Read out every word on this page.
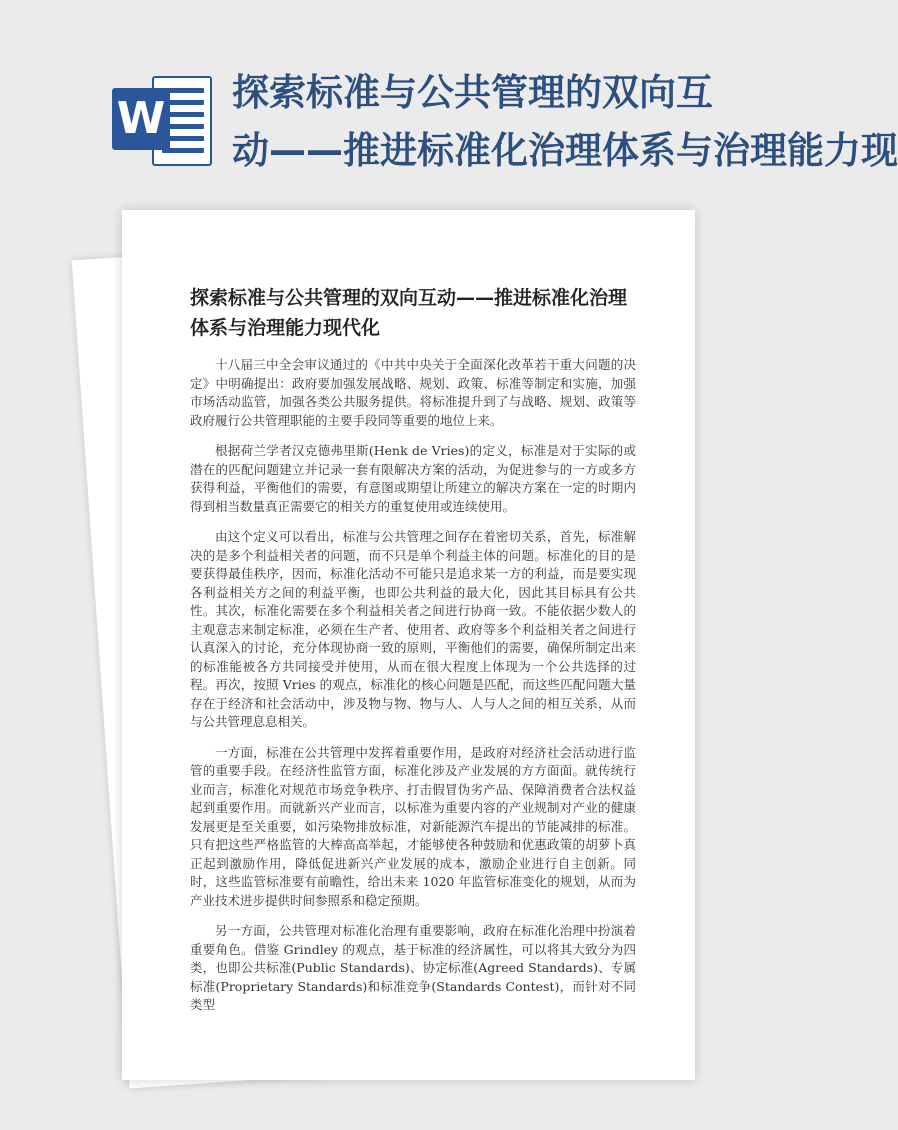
W
探索标准与公共管理的双向互
动——推进标准化治理体系与治理能力现
探索标准与公共管理的双向互动——推进标准化治理体系与治理能力现代化

十八届三中全会审议通过的《中共中央关于全面深化改革若干重大问题的决定》中明确提出：政府要加强发展战略、规划、政策、标准等制定和实施，加强市场活动监管，加强各类公共服务提供。将标准提升到了与战略、规划、政策等政府履行公共管理职能的主要手段同等重要的地位上来。

根据荷兰学者汉克德弗里斯(Henk de Vries)的定义，标准是对于实际的或潜在的匹配问题建立并记录一套有限解决方案的活动，为促进参与的一方或多方获得利益，平衡他们的需要，有意图或期望让所建立的解决方案在一定的时期内得到相当数量真正需要它的相关方的重复使用或连续使用。

由这个定义可以看出，标准与公共管理之间存在着密切关系，首先，标准解决的是多个利益相关者的问题，而不只是单个利益主体的问题。标准化的目的是要获得最佳秩序，因而，标准化活动不可能只是追求某一方的利益，而是要实现各利益相关方之间的利益平衡，也即公共利益的最大化，因此其目标具有公共性。其次，标准化需要在多个利益相关者之间进行协商一致。不能依据少数人的主观意志来制定标准，必须在生产者、使用者、政府等多个利益相关者之间进行认真深入的讨论，充分体现协商一致的原则，平衡他们的需要，确保所制定出来的标准能被各方共同接受并使用，从而在很大程度上体现为一个公共选择的过程。再次，按照 Vries 的观点，标准化的核心问题是匹配，而这些匹配问题大量存在于经济和社会活动中，涉及物与物、物与人、人与人之间的相互关系，从而与公共管理息息相关。

一方面，标准在公共管理中发挥着重要作用，是政府对经济社会活动进行监管的重要手段。在经济性监管方面，标准化涉及产业发展的方方面面。就传统行业而言，标准化对规范市场竞争秩序、打击假冒伪劣产品、保障消费者合法权益起到重要作用。而就新兴产业而言，以标准为重要内容的产业规制对产业的健康发展更是至关重要，如污染物排放标准，对新能源汽车提出的节能减排的标准。只有把这些严格监管的大棒高高举起，才能够使各种鼓励和优惠政策的胡萝卜真正起到激励作用，降低促进新兴产业发展的成本，激励企业进行自主创新。同时，这些监管标准要有前瞻性，给出未来 1020 年监管标准变化的规划，从而为产业技术进步提供时间参照系和稳定预期。

另一方面，公共管理对标准化治理有重要影响，政府在标准化治理中扮演着重要角色。借鉴 Grindley 的观点，基于标准的经济属性，可以将其大致分为四类，也即公共标准(Public Standards)、协定标准(Agreed Standards)、专属标准(Proprietary Standards)和标准竞争(Standards Contest)，而针对不同类型
